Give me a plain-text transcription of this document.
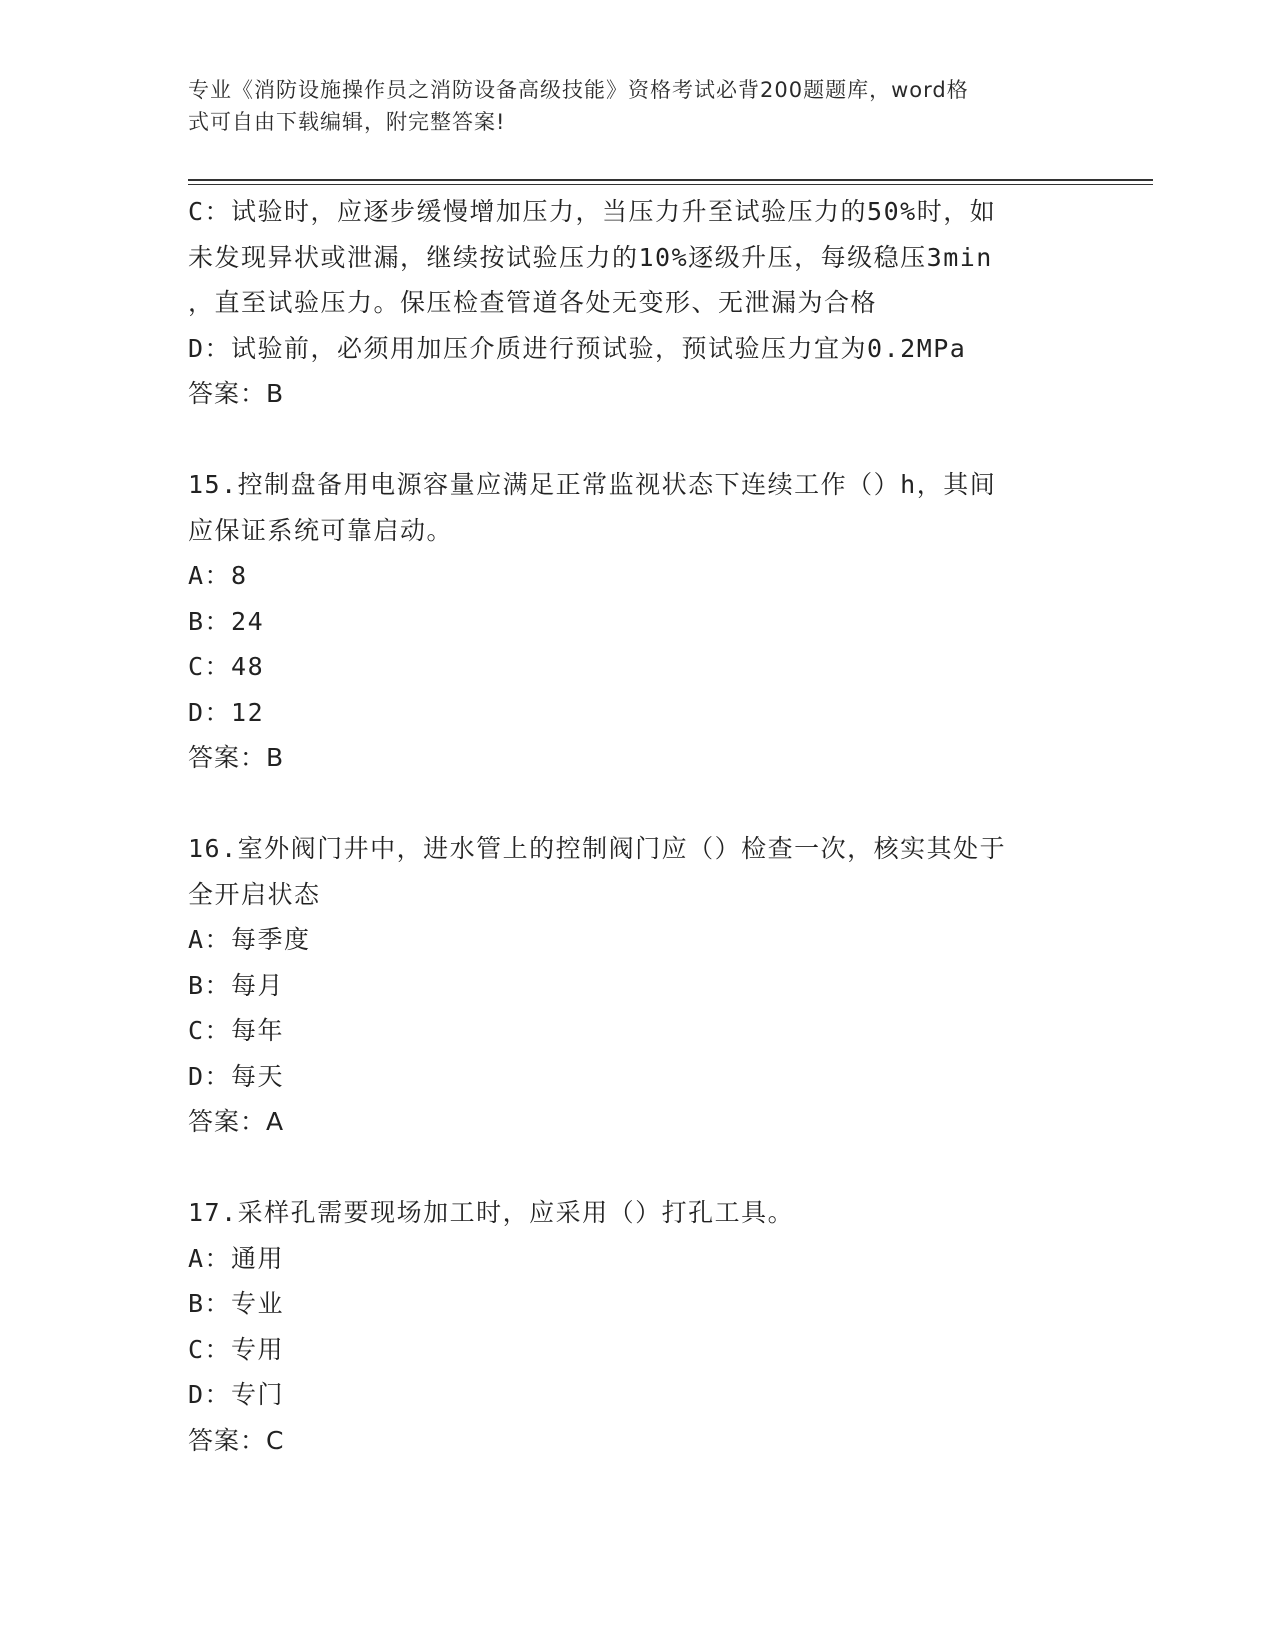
专业《消防设施操作员之消防设备高级技能》资格考试必背200题题库，word格
式可自由下载编辑，附完整答案!
C：试验时，应逐步缓慢增加压力，当压力升至试验压力的50%时，如
未发现异状或泄漏，继续按试验压力的10%逐级升压，每级稳压3min
，直至试验压力。保压检查管道各处无变形、无泄漏为合格
D：试验前，必须用加压介质进行预试验，预试验压力宜为0.2MPa
答案：B
15.控制盘备用电源容量应满足正常监视状态下连续工作（）h，其间
应保证系统可靠启动。
A：8
B：24
C：48
D：12
答案：B
16.室外阀门井中，进水管上的控制阀门应（）检查一次，核实其处于
全开启状态
A：每季度
B：每月
C：每年
D：每天
答案：A
17.采样孔需要现场加工时，应采用（）打孔工具。
A：通用
B：专业
C：专用
D：专门
答案：C
